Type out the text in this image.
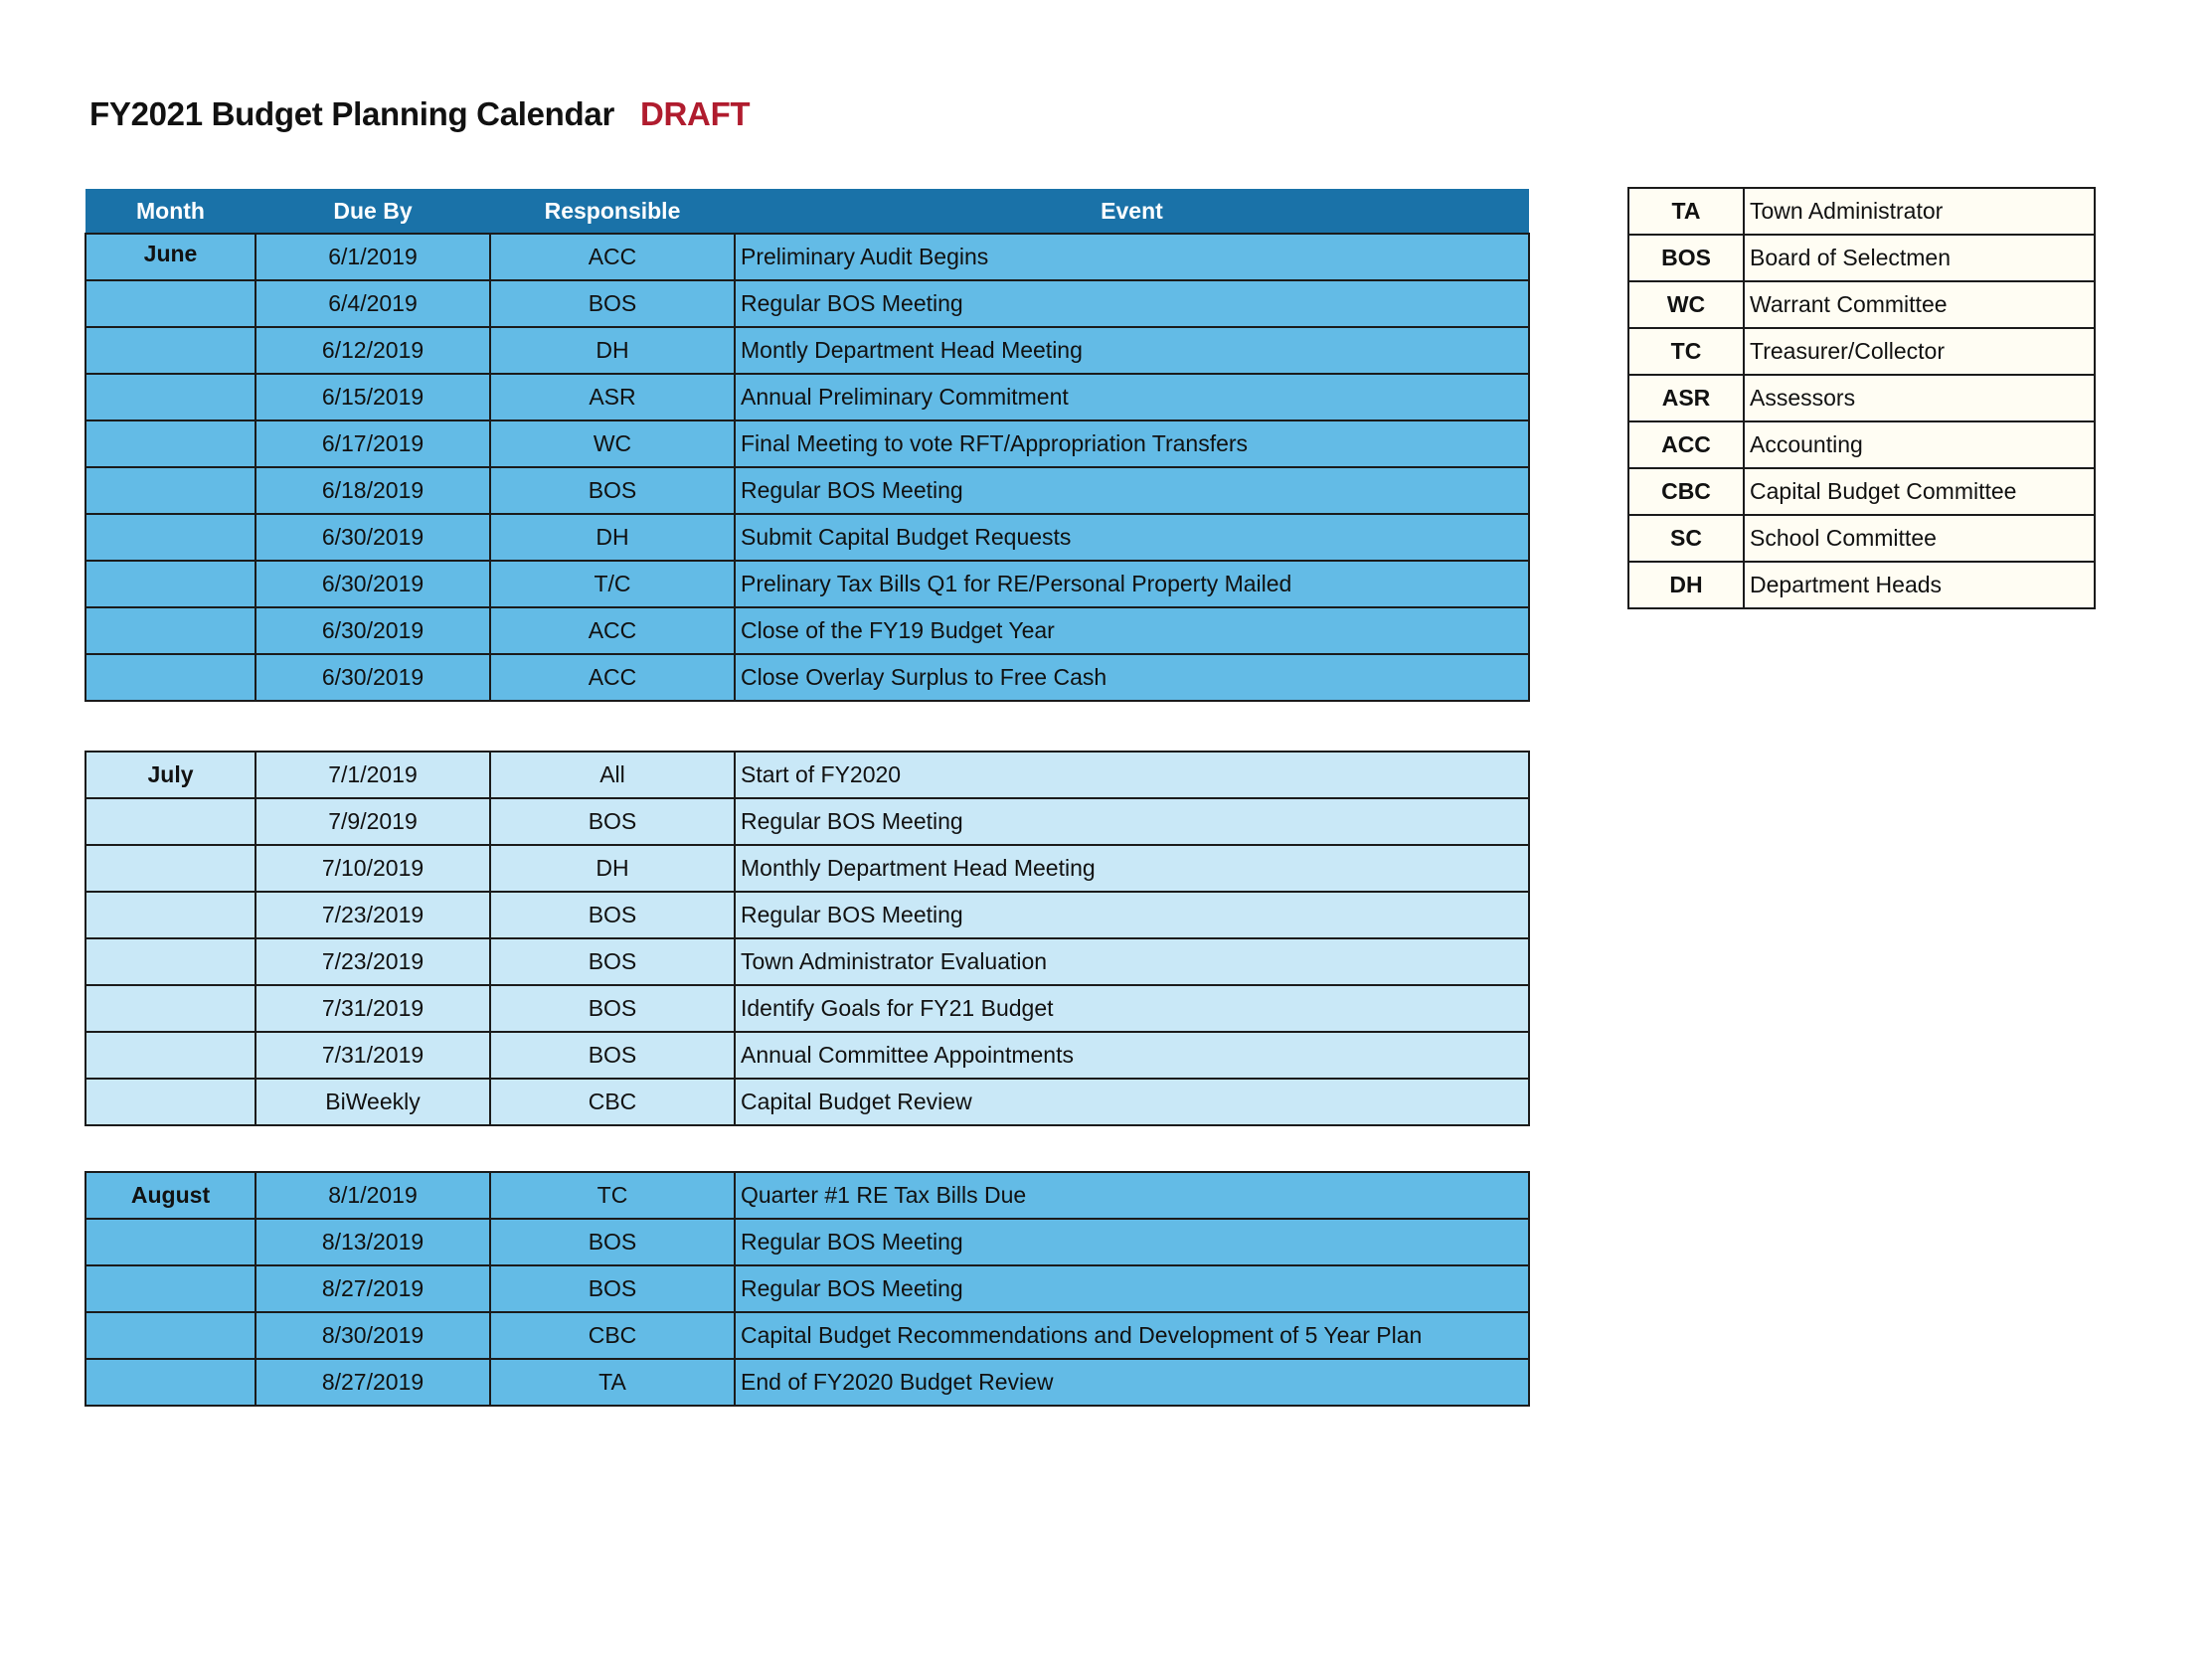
FY2021 Budget Planning Calendar DRAFT
Month	Due By	Responsible	Event
June	6/1/2019	ACC	Preliminary Audit Begins
	6/4/2019	BOS	Regular BOS Meeting
	6/12/2019	DH	Montly Department Head Meeting
	6/15/2019	ASR	Annual Preliminary Commitment
	6/17/2019	WC	Final Meeting to vote RFT/Appropriation Transfers
	6/18/2019	BOS	Regular BOS Meeting
	6/30/2019	DH	Submit Capital Budget Requests
	6/30/2019	T/C	Prelinary Tax Bills Q1 for RE/Personal Property Mailed
	6/30/2019	ACC	Close of the FY19 Budget Year
	6/30/2019	ACC	Close Overlay Surplus to Free Cash
July	7/1/2019	All	Start of FY2020
	7/9/2019	BOS	Regular BOS Meeting
	7/10/2019	DH	Monthly Department Head Meeting
	7/23/2019	BOS	Regular BOS Meeting
	7/23/2019	BOS	Town Administrator Evaluation
	7/31/2019	BOS	Identify Goals for FY21 Budget
	7/31/2019	BOS	Annual Committee Appointments
	BiWeekly	CBC	Capital Budget Review
August	8/1/2019	TC	Quarter #1 RE Tax Bills Due
	8/13/2019	BOS	Regular BOS Meeting
	8/27/2019	BOS	Regular BOS Meeting
	8/30/2019	CBC	Capital Budget Recommendations and Development of 5 Year Plan
	8/27/2019	TA	End of FY2020 Budget Review
TA	Town Administrator
BOS	Board of Selectmen
WC	Warrant Committee
TC	Treasurer/Collector
ASR	Assessors
ACC	Accounting
CBC	Capital Budget Committee
SC	School Committee
DH	Department Heads
